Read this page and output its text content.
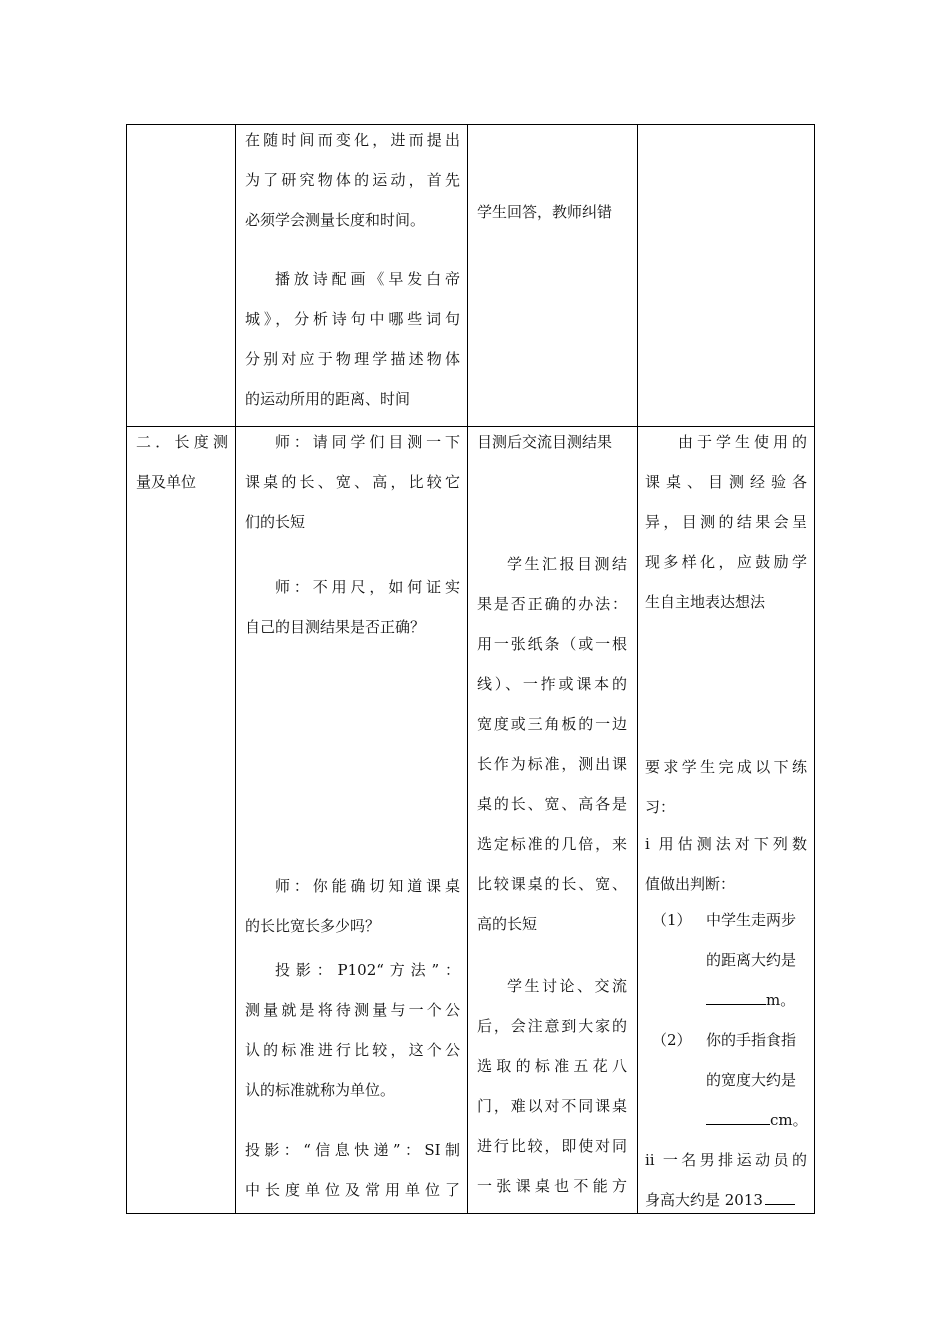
在随时间而变化，进而提出
为了研究物体的运动，首先
必须学会测量长度和时间。
播放诗配画《早发白帝
城》，分析诗句中哪些词句
分别对应于物理学描述物体
的运动所用的距离、时间
学生回答，教师纠错
二．长度测
量及单位
师：请同学们目测一下
课桌的长、宽、高，比较它
们的长短
师：不用尺，如何证实
自己的目测结果是否正确？
师：你能确切知道课桌
的长比宽长多少吗？
投影：P102“方法”：
测量就是将待测量与一个公
认的标准进行比较，这个公
认的标准就称为单位。
投影：“信息快递”：SI制
中长度单位及常用单位了
目测后交流目测结果
学生汇报目测结
果是否正确的办法：
用一张纸条（或一根
线）、一拃或课本的
宽度或三角板的一边
长作为标准，测出课
桌的长、宽、高各是
选定标准的几倍，来
比较课桌的长、宽、
高的长短
学生讨论、交流
后，会注意到大家的
选取的标准五花八
门，难以对不同课桌
进行比较，即使对同
一张课桌也不能方
由于学生使用的
课桌、目测经验各
异，目测的结果会呈
现多样化，应鼓励学
生自主地表达想法
要求学生完成以下练
习：
i 用估测法对下列数
值做出判断：
（1） 中学生走两步
的距离大约是
m。
（2） 你的手指食指
的宽度大约是
cm。
ii 一名男排运动员的
身高大约是 2013
